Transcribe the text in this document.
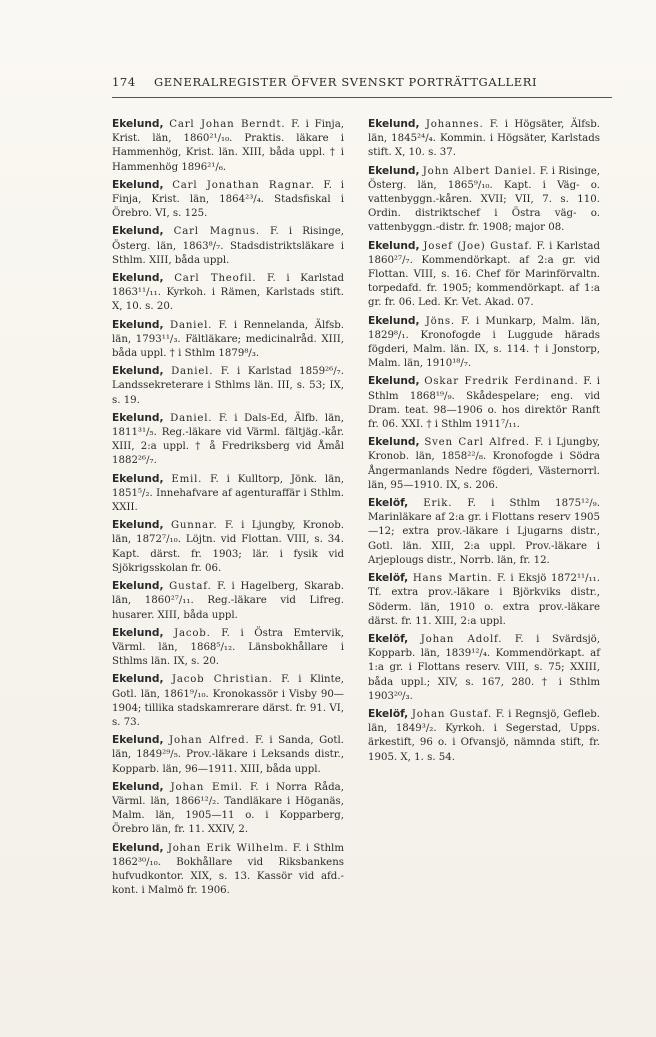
174 GENERALREGISTER ÖFVER SVENSKT PORTRÄTTGALLERI

Ekelund, Carl Johan Berndt. F. i Finja, Krist. län, 1860²¹/₁₀. Praktis. läkare i Hammenhög, Krist. län. XIII, båda uppl. † i Hammenhög 1896²¹/₆.

Ekelund, Carl Jonathan Ragnar. F. i Finja, Krist. län, 1864²³/₄. Stadsfiskal i Örebro. VI, s. 125.

Ekelund, Carl Magnus. F. i Risinge, Österg. län, 1863⁸/₇. Stadsdistriktsläkare i Sthlm. XIII, båda uppl.

Ekelund, Carl Theofil. F. i Karlstad 1863¹¹/₁₁. Kyrkoh. i Rämen, Karlstads stift. X, 10. s. 20.

Ekelund, Daniel. F. i Rennelanda, Älfsb. län, 1793¹¹/₃. Fältläkare; medicinalråd. XIII, båda uppl. † i Sthlm 1879⁸/₃.

Ekelund, Daniel. F. i Karlstad 1859²⁶/₇. Landssekreterare i Sthlms län. III, s. 53; IX, s. 19.

Ekelund, Daniel. F. i Dals-Ed, Älfb. län, 1811³¹/₅. Reg.-läkare vid Värml. fältjäg.-kår. XIII, 2:a uppl. † å Fredriksberg vid Åmål 1882²⁶/₇.

Ekelund, Emil. F. i Kulltorp, Jönk. län, 1851⁵/₂. Innehafvare af agenturaffär i Sthlm. XXII.

Ekelund, Gunnar. F. i Ljungby, Kronob. län, 1872⁷/₁₀. Löjtn. vid Flottan. VIII, s. 34. Kapt. därst. fr. 1903; lär. i fysik vid Sjökrigsskolan fr. 06.

Ekelund, Gustaf. F. i Hagelberg, Skarab. län, 1860²⁷/₁₁. Reg.-läkare vid Lifreg. husarer. XIII, båda uppl.

Ekelund, Jacob. F. i Östra Emtervik, Värml. län, 1868⁵/₁₂. Länsbokhållare i Sthlms län. IX, s. 20.

Ekelund, Jacob Christian. F. i Klinte, Gotl. län, 1861⁹/₁₀. Kronokassör i Visby 90—1904; tillika stadskamrerare därst. fr. 91. VI, s. 73.

Ekelund, Johan Alfred. F. i Sanda, Gotl. län, 1849²⁹/₅. Prov.-läkare i Leksands distr., Kopparb. län, 96—1911. XIII, båda uppl.

Ekelund, Johan Emil. F. i Norra Råda, Värml. län, 1866¹²/₂. Tandläkare i Höganäs, Malm. län, 1905—11 o. i Kopparberg, Örebro län, fr. 11. XXIV, 2.

Ekelund, Johan Erik Wilhelm. F. i Sthlm 1862³⁰/₁₀. Bokhållare vid Riksbankens hufvudkontor. XIX, s. 13. Kassör vid afd.-kont. i Malmö fr. 1906.

Ekelund, Johannes. F. i Högsäter, Älfsb. län, 1845²⁴/₄. Kommin. i Högsäter, Karlstads stift. X, 10. s. 37.

Ekelund, John Albert Daniel. F. i Risinge, Österg. län, 1865⁹/₁₀. Kapt. i Väg- o. vattenbyggn.-kåren. XVII; VII, 7. s. 110. Ordin. distriktschef i Östra väg- o. vattenbyggn.-distr. fr. 1908; major 08.

Ekelund, Josef (Joe) Gustaf. F. i Karlstad 1860²⁷/₇. Kommendörkapt. af 2:a gr. vid Flottan. VIII, s. 16. Chef för Marinförvaltn. torpedafd. fr. 1905; kommendörkapt. af 1:a gr. fr. 06. Led. Kr. Vet. Akad. 07.

Ekelund, Jöns. F. i Munkarp, Malm. län, 1829⁸/₁. Kronofogde i Luggude härads fögderi, Malm. län. IX, s. 114. † i Jonstorp, Malm. län, 1910¹⁸/₇.

Ekelund, Oskar Fredrik Ferdinand. F. i Sthlm 1868¹⁹/₉. Skådespelare; eng. vid Dram. teat. 98—1906 o. hos direktör Ranft fr. 06. XXI. † i Sthlm 1911⁷/₁₁.

Ekelund, Sven Carl Alfred. F. i Ljungby, Kronob. län, 1858²²/₈. Kronofogde i Södra Ångermanlands Nedre fögderi, Västernorrl. län, 95—1910. IX, s. 206.

Ekelöf, Erik. F. i Sthlm 1875¹²/₉. Marinläkare af 2:a gr. i Flottans reserv 1905—12; extra prov.-läkare i Ljugarns distr., Gotl. län. XIII, 2:a uppl. Prov.-läkare i Arjeplougs distr., Norrb. län, fr. 12.

Ekelöf, Hans Martin. F. i Eksjö 1872¹¹/₁₁. Tf. extra prov.-läkare i Björkviks distr., Söderm. län, 1910 o. extra prov.-läkare därst. fr. 11. XIII, 2:a uppl.

Ekelöf, Johan Adolf. F. i Svärdsjö, Kopparb. län, 1839¹²/₄. Kommendörkapt. af 1:a gr. i Flottans reserv. VIII, s. 75; XXIII, båda uppl.; XIV, s. 167, 280. † i Sthlm 1903²⁰/₃.

Ekelöf, Johan Gustaf. F. i Regnsjö, Gefleb. län, 1849³/₂. Kyrkoh. i Segerstad, Upps. ärkestift, 96 o. i Ofvansjö, nämnda stift, fr. 1905. X, 1. s. 54.
